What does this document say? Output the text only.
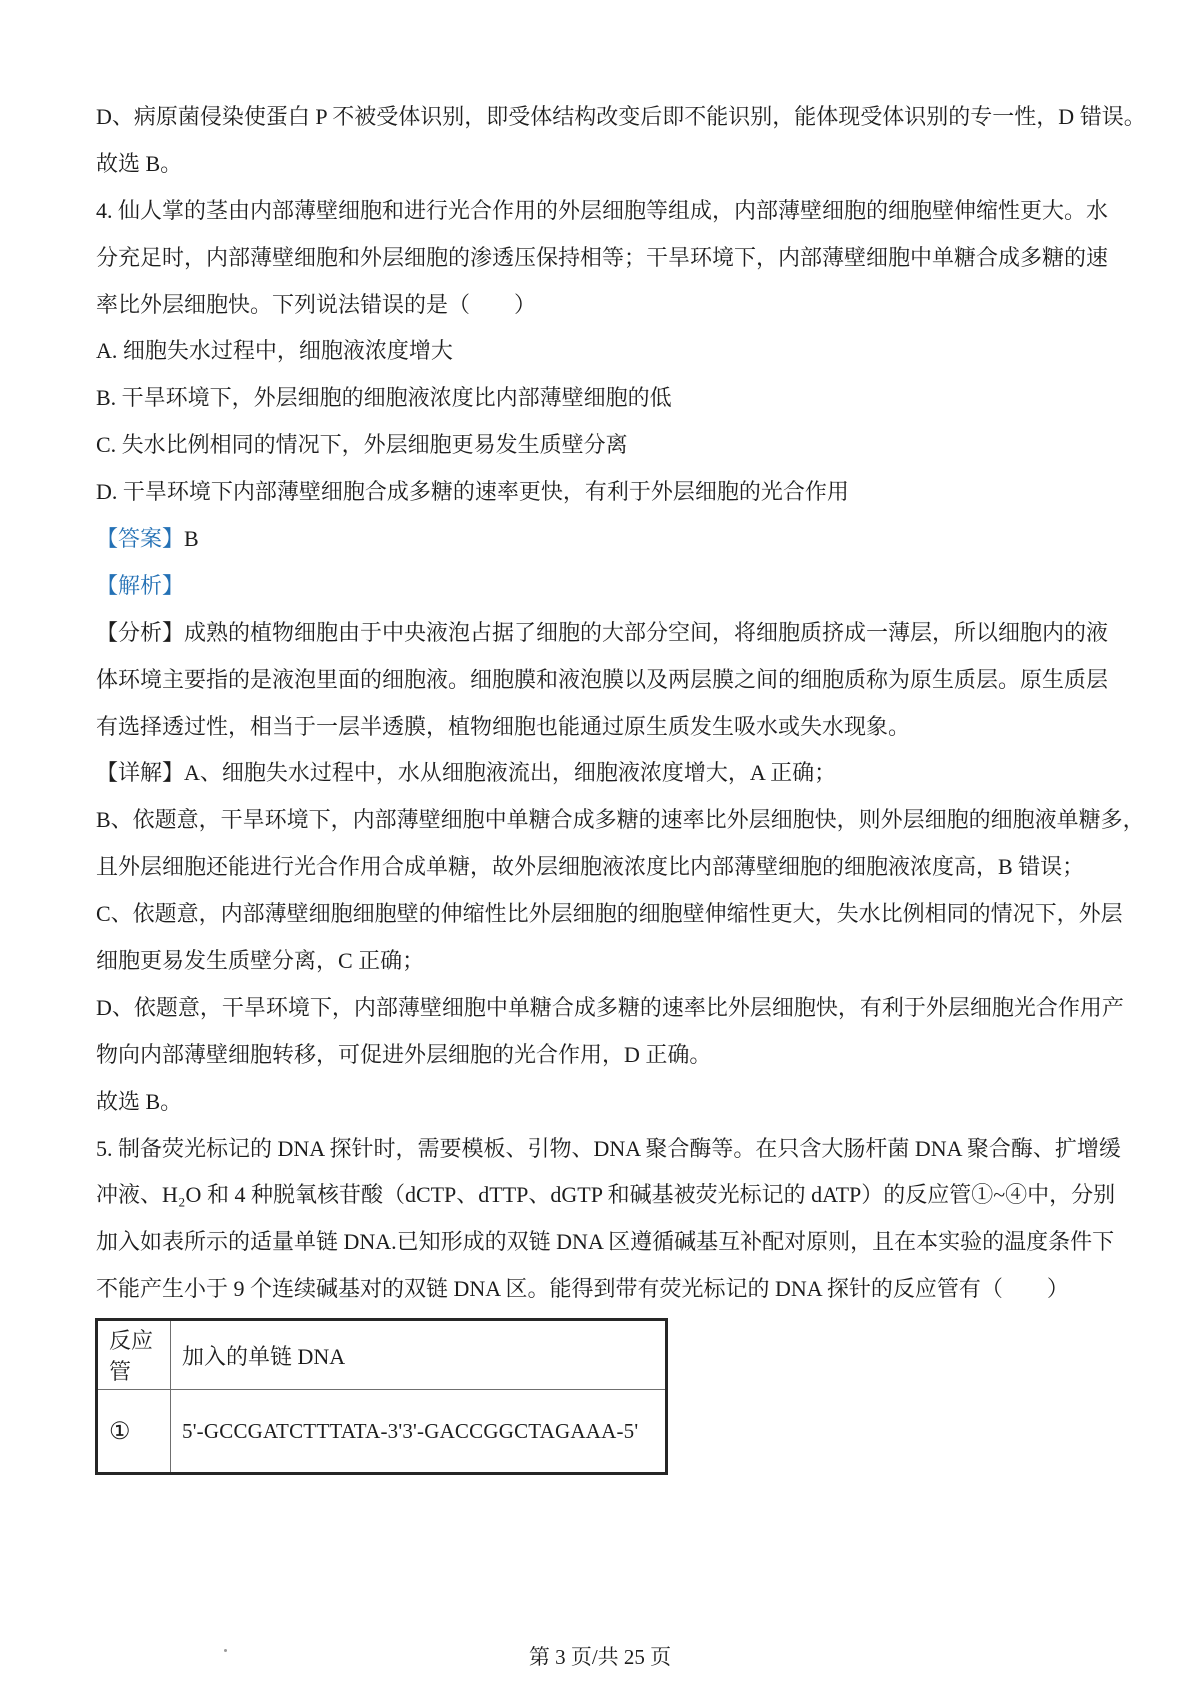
D、病原菌侵染使蛋白 P 不被受体识别，即受体结构改变后即不能识别，能体现受体识别的专一性，D 错误。
故选 B。
4. 仙人掌的茎由内部薄壁细胞和进行光合作用的外层细胞等组成，内部薄壁细胞的细胞壁伸缩性更大。水
分充足时，内部薄壁细胞和外层细胞的渗透压保持相等；干旱环境下，内部薄壁细胞中单糖合成多糖的速
率比外层细胞快。下列说法错误的是（　　）
A. 细胞失水过程中，细胞液浓度增大
B. 干旱环境下，外层细胞的细胞液浓度比内部薄壁细胞的低
C. 失水比例相同的情况下，外层细胞更易发生质壁分离
D. 干旱环境下内部薄壁细胞合成多糖的速率更快，有利于外层细胞的光合作用
【答案】B
【解析】
【分析】成熟的植物细胞由于中央液泡占据了细胞的大部分空间，将细胞质挤成一薄层，所以细胞内的液
体环境主要指的是液泡里面的细胞液。细胞膜和液泡膜以及两层膜之间的细胞质称为原生质层。原生质层
有选择透过性，相当于一层半透膜，植物细胞也能通过原生质发生吸水或失水现象。
【详解】A、细胞失水过程中，水从细胞液流出，细胞液浓度增大，A 正确；
B、依题意，干旱环境下，内部薄壁细胞中单糖合成多糖的速率比外层细胞快，则外层细胞的细胞液单糖多，
且外层细胞还能进行光合作用合成单糖，故外层细胞液浓度比内部薄壁细胞的细胞液浓度高，B 错误；
C、依题意，内部薄壁细胞细胞壁的伸缩性比外层细胞的细胞壁伸缩性更大，失水比例相同的情况下，外层
细胞更易发生质壁分离，C 正确；
D、依题意，干旱环境下，内部薄壁细胞中单糖合成多糖的速率比外层细胞快，有利于外层细胞光合作用产
物向内部薄壁细胞转移，可促进外层细胞的光合作用，D 正确。
故选 B。
5. 制备荧光标记的 DNA 探针时，需要模板、引物、DNA 聚合酶等。在只含大肠杆菌 DNA 聚合酶、扩增缓
冲液、H₂O 和 4 种脱氧核苷酸（dCTP、dTTP、dGTP 和碱基被荧光标记的 dATP）的反应管①~④中，分别
加入如表所示的适量单链 DNA.已知形成的双链 DNA 区遵循碱基互补配对原则，且在本实验的温度条件下
不能产生小于 9 个连续碱基对的双链 DNA 区。能得到带有荧光标记的 DNA 探针的反应管有（　　）
反应管	加入的单链 DNA
①	5'-GCCGATCTTTATA-3'3'-GACCGGCTAGAAA-5'
第 3 页/共 25 页
